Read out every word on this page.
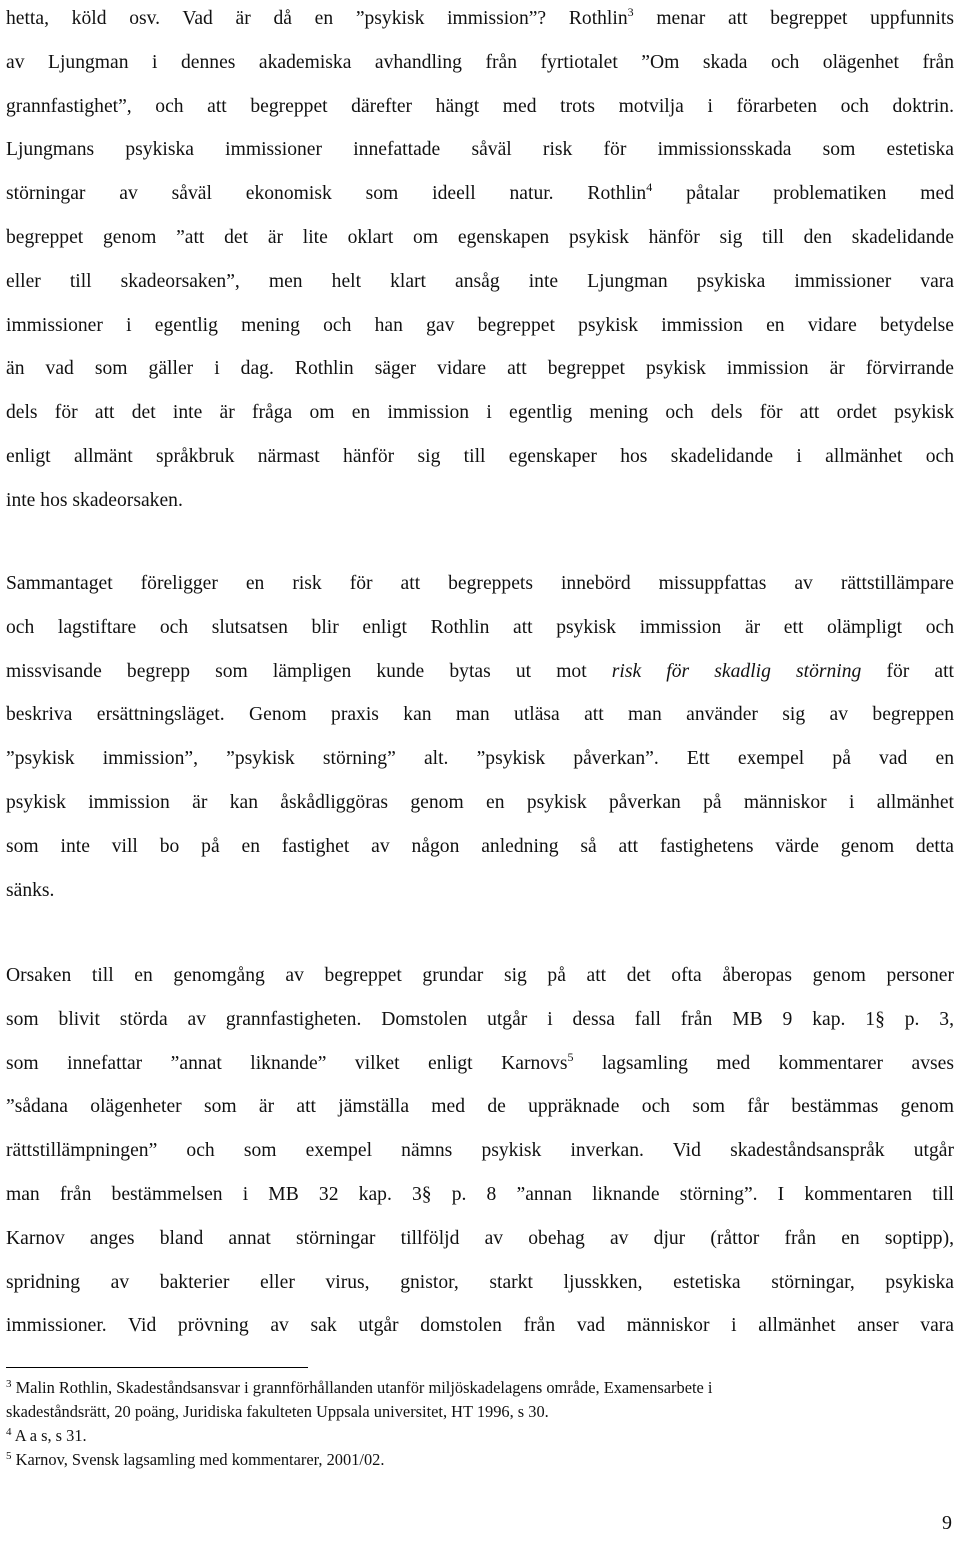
hetta, köld osv. Vad är då en ”psykisk immission”? Rothlin$^3$ menar att begreppet uppfunnits
av Ljungman i dennes akademiska avhandling från fyrtiotalet ”Om skada och olägenhet från
grannfastighet”, och att begreppet därefter hängt med trots motvilja i förarbeten och doktrin.
Ljungmans psykiska immissioner innefattade såväl risk för immissionsskada som estetiska
störningar av såväl ekonomisk som ideell natur. Rothlin$^4$ påtalar problematiken med
begreppet genom ”att det är lite oklart om egenskapen psykisk hänför sig till den skadelidande
eller till skadeorsaken”, men helt klart ansåg inte Ljungman psykiska immissioner vara
immissioner i egentlig mening och han gav begreppet psykisk immission en vidare betydelse
än vad som gäller i dag. Rothlin säger vidare att begreppet psykisk immission är förvirrande
dels för att det inte är fråga om en immission i egentlig mening och dels för att ordet psykisk
enligt allmänt språkbruk närmast hänför sig till egenskaper hos skadelidande i allmänhet och
inte hos skadeorsaken.
Sammantaget föreligger en risk för att begreppets innebörd missuppfattas av rättstillämpare
och lagstiftare och slutsatsen blir enligt Rothlin att psykisk immission är ett olämpligt och
missvisande begrepp som lämpligen kunde bytas ut mot risk för skadlig störning för att
beskriva ersättningsläget. Genom praxis kan man utläsa att man använder sig av begreppen
”psykisk immission”, ”psykisk störning” alt. ”psykisk påverkan”. Ett exempel på vad en
psykisk immission är kan åskådliggöras genom en psykisk påverkan på människor i allmänhet
som inte vill bo på en fastighet av någon anledning så att fastighetens värde genom detta
sänks.
Orsaken till en genomgång av begreppet grundar sig på att det ofta åberopas genom personer
som blivit störda av grannfastigheten. Domstolen utgår i dessa fall från MB 9 kap. 1§ p. 3,
som innefattar ”annat liknande” vilket enligt Karnovs$^5$ lagsamling med kommentarer avses
”sådana olägenheter som är att jämställa med de uppräknade och som får bestämmas genom
rättstillämpningen” och som exempel nämns psykisk inverkan. Vid skadeståndsanspråk utgår
man från bestämmelsen i MB 32 kap. 3§ p. 8 ”annan liknande störning”. I kommentaren till
Karnov anges bland annat störningar tillföljd av obehag av djur (råttor från en soptipp),
spridning av bakterier eller virus, gnistor, starkt ljusskken, estetiska störningar, psykiska
immissioner. Vid prövning av sak utgår domstolen från vad människor i allmänhet anser vara
$^3$ Malin Rothlin, Skadeståndsansvar i grannförhållanden utanför miljöskadelagens område, Examensarbete i
skadeståndsrätt, 20 poäng, Juridiska fakulteten Uppsala universitet, HT 1996, s 30.
$^4$ A a s, s 31.
$^5$ Karnov, Svensk lagsamling med kommentarer, 2001/02.
9
